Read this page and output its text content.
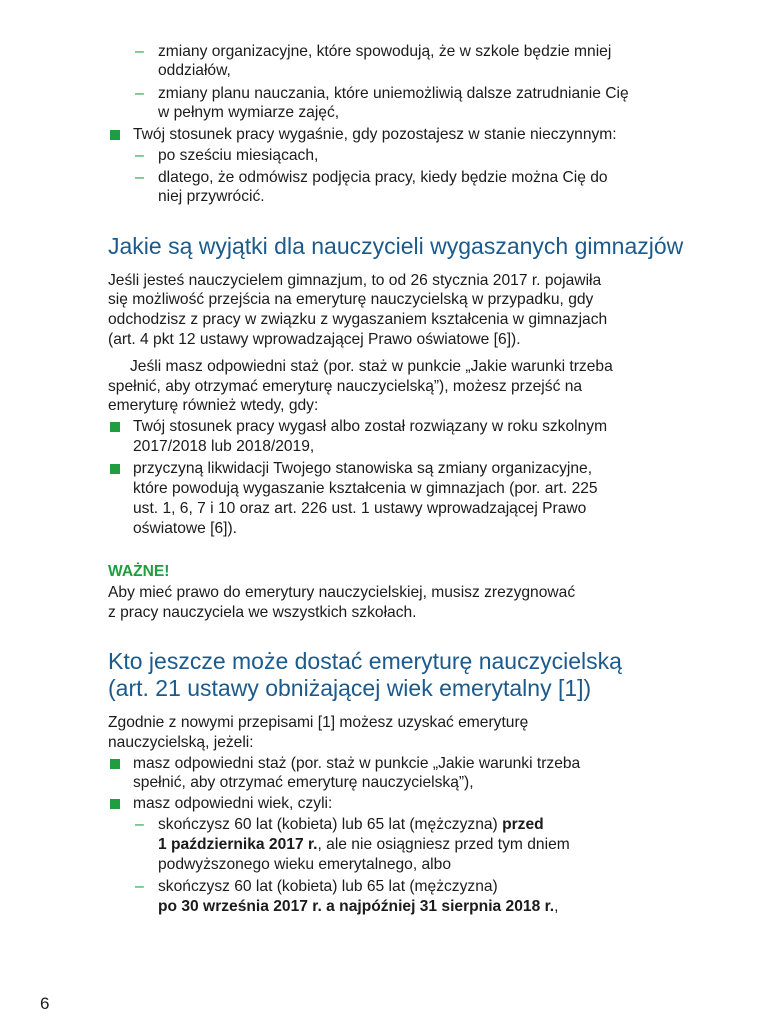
– zmiany organizacyjne, które spowodują, że w szkole będzie mniej
oddziałów,
– zmiany planu nauczania, które uniemożliwią dalsze zatrudnianie Cię
w pełnym wymiarze zajęć,
Twój stosunek pracy wygaśnie, gdy pozostajesz w stanie nieczynnym:
– po sześciu miesiącach,
– dlatego, że odmówisz podjęcia pracy, kiedy będzie można Cię do
niej przywrócić.
Jakie są wyjątki dla nauczycieli wygaszanych gimnazjów
Jeśli jesteś nauczycielem gimnazjum, to od 26 stycznia 2017 r. pojawiła
się możliwość przejścia na emeryturę nauczycielską w przypadku, gdy
odchodzisz z pracy w związku z wygaszaniem kształcenia w gimnazjach
(art. 4 pkt 12 ustawy wprowadzającej Prawo oświatowe [6]).
Jeśli masz odpowiedni staż (por. staż w punkcie „Jakie warunki trzeba
spełnić, aby otrzymać emeryturę nauczycielską”), możesz przejść na
emeryturę również wtedy, gdy:
Twój stosunek pracy wygasł albo został rozwiązany w roku szkolnym
2017/2018 lub 2018/2019,
przyczyną likwidacji Twojego stanowiska są zmiany organizacyjne,
które powodują wygaszanie kształcenia w gimnazjach (por. art. 225
ust. 1, 6, 7 i 10 oraz art. 226 ust. 1 ustawy wprowadzającej Prawo
oświatowe [6]).
WAŻNE!
Aby mieć prawo do emerytury nauczycielskiej, musisz zrezygnować
z pracy nauczyciela we wszystkich szkołach.
Kto jeszcze może dostać emeryturę nauczycielską
(art. 21 ustawy obniżającej wiek emerytalny [1])
Zgodnie z nowymi przepisami [1] możesz uzyskać emeryturę
nauczycielską, jeżeli:
masz odpowiedni staż (por. staż w punkcie „Jakie warunki trzeba
spełnić, aby otrzymać emeryturę nauczycielską”),
masz odpowiedni wiek, czyli:
– skończysz 60 lat (kobieta) lub 65 lat (mężczyzna) przed
1 października 2017 r., ale nie osiągniesz przed tym dniem
podwyższonego wieku emerytalnego, albo
– skończysz 60 lat (kobieta) lub 65 lat (mężczyzna)
po 30 września 2017 r. a najpóźniej 31 sierpnia 2018 r.,
6
